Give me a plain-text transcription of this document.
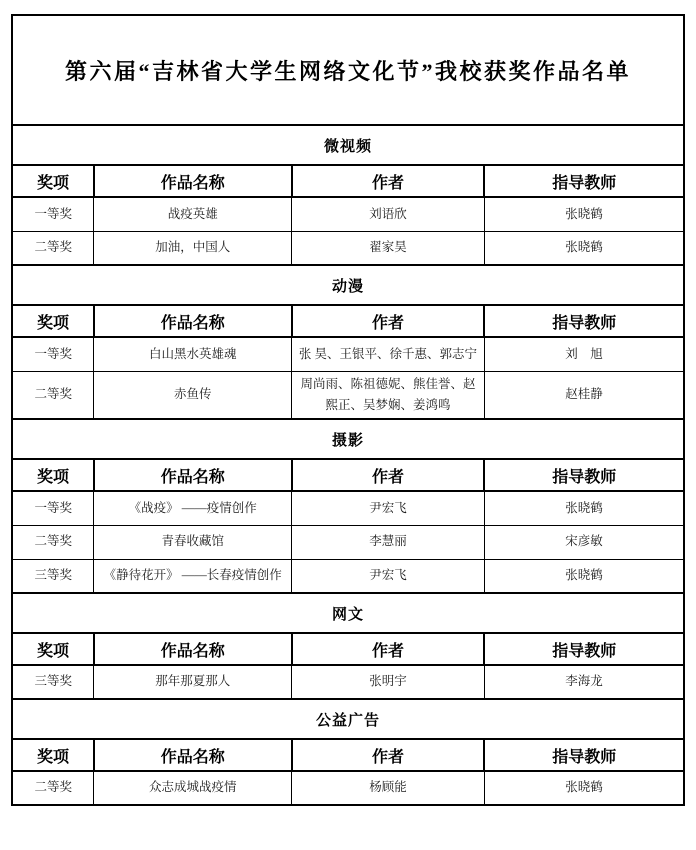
第六届“吉林省大学生网络文化节”我校获奖作品名单			
微视频			
奖项	作品名称	作者	指导教师
一等奖	战疫英雄	刘语欣	张晓鹤
二等奖	加油，中国人	翟家昊	张晓鹤
动漫			
奖项	作品名称	作者	指导教师
一等奖	白山黑水英雄魂	张 昊、王银平、徐千惠、郭志宁	刘　旭
二等奖	赤鱼传	周尚雨、陈祖德妮、熊佳誉、赵熙正、吴梦娴、姜鸿鸣	赵桂静
摄影			
奖项	作品名称	作者	指导教师
一等奖	《战疫》 ——疫情创作	尹宏飞	张晓鹤
二等奖	青春收藏馆	李慧丽	宋彦敏
三等奖	《静待花开》 ——长春疫情创作	尹宏飞	张晓鹤
网文			
奖项	作品名称	作者	指导教师
三等奖	那年那夏那人	张明宇	李海龙
公益广告			
奖项	作品名称	作者	指导教师
二等奖	众志成城战疫情	杨顾能	张晓鹤
